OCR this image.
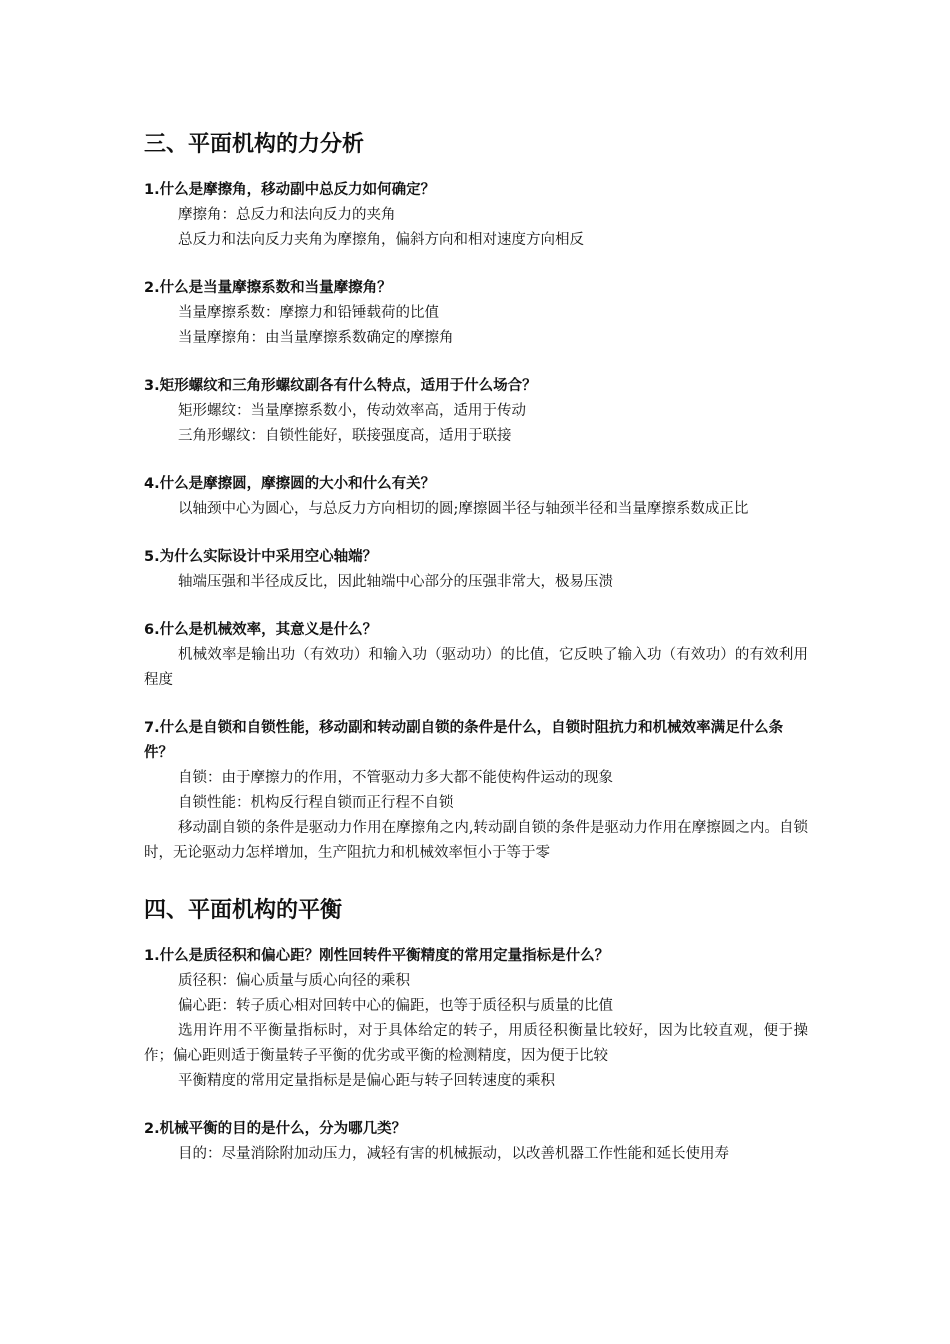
三、平面机构的力分析

1.什么是摩擦角，移动副中总反力如何确定？

摩擦角：总反力和法向反力的夹角

总反力和法向反力夹角为摩擦角，偏斜方向和相对速度方向相反

2.什么是当量摩擦系数和当量摩擦角？

当量摩擦系数：摩擦力和铅锤载荷的比值

当量摩擦角：由当量摩擦系数确定的摩擦角

3.矩形螺纹和三角形螺纹副各有什么特点，适用于什么场合？

矩形螺纹：当量摩擦系数小，传动效率高，适用于传动

三角形螺纹：自锁性能好，联接强度高，适用于联接

4.什么是摩擦圆，摩擦圆的大小和什么有关？

以轴颈中心为圆心，与总反力方向相切的圆;摩擦圆半径与轴颈半径和当量摩擦系数成正比

5.为什么实际设计中采用空心轴端？

轴端压强和半径成反比，因此轴端中心部分的压强非常大，极易压溃

6.什么是机械效率，其意义是什么？

机械效率是输出功（有效功）和输入功（驱动功）的比值，它反映了输入功（有效功）的有效利用程度

7.什么是自锁和自锁性能，移动副和转动副自锁的条件是什么，自锁时阻抗力和机械效率满足什么条件？

自锁：由于摩擦力的作用，不管驱动力多大都不能使构件运动的现象

自锁性能：机构反行程自锁而正行程不自锁

移动副自锁的条件是驱动力作用在摩擦角之内,转动副自锁的条件是驱动力作用在摩擦圆之内。自锁时，无论驱动力怎样增加，生产阻抗力和机械效率恒小于等于零

四、平面机构的平衡

1.什么是质径积和偏心距？刚性回转件平衡精度的常用定量指标是什么？

质径积：偏心质量与质心向径的乘积

偏心距：转子质心相对回转中心的偏距，也等于质径积与质量的比值

选用许用不平衡量指标时，对于具体给定的转子，用质径积衡量比较好，因为比较直观，便于操作；偏心距则适于衡量转子平衡的优劣或平衡的检测精度，因为便于比较

平衡精度的常用定量指标是是偏心距与转子回转速度的乘积

2.机械平衡的目的是什么，分为哪几类？

目的：尽量消除附加动压力，减轻有害的机械振动，以改善机器工作性能和延长使用寿
